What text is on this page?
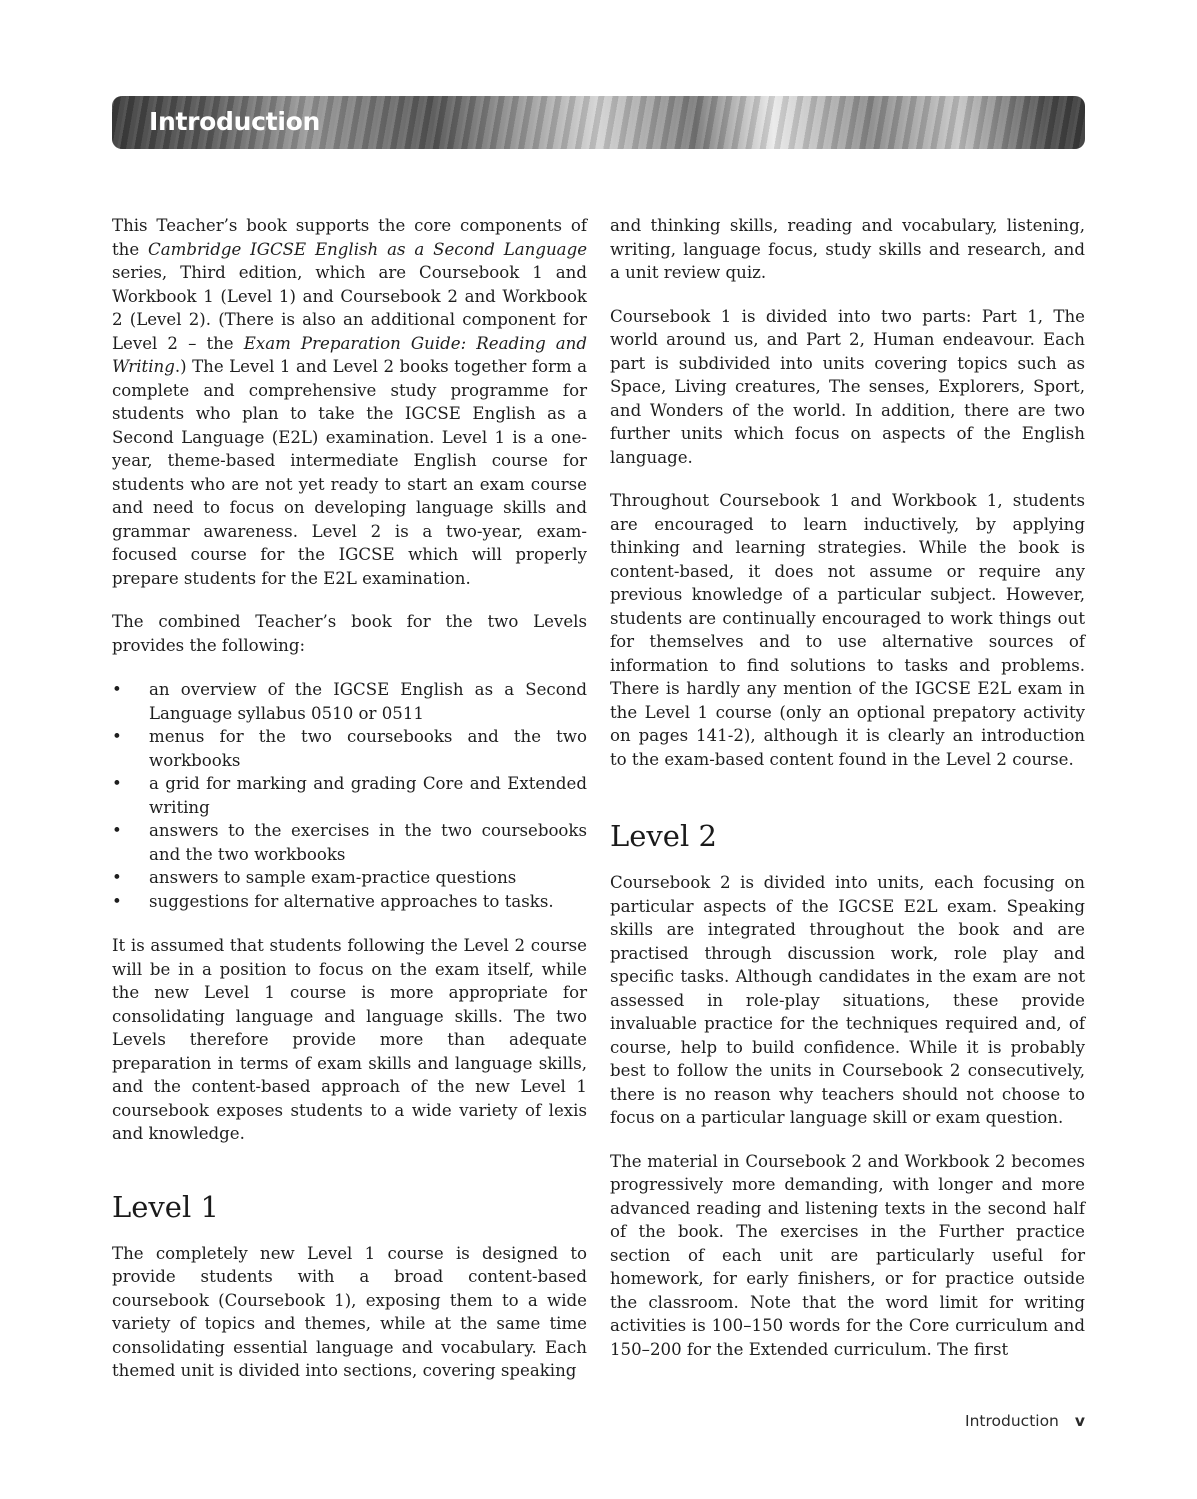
Introduction

This Teacher’s book supports the core components of the Cambridge IGCSE English as a Second Language series, Third edition, which are Coursebook 1 and Workbook 1 (Level 1) and Coursebook 2 and Workbook 2 (Level 2). (There is also an additional component for Level 2 – the Exam Preparation Guide: Reading and Writing.) The Level 1 and Level 2 books together form a complete and comprehensive study programme for students who plan to take the IGCSE English as a Second Language (E2L) examination. Level 1 is a one-year, theme-based intermediate English course for students who are not yet ready to start an exam course and need to focus on developing language skills and grammar awareness. Level 2 is a two-year, exam-focused course for the IGCSE which will properly prepare students for the E2L examination.

The combined Teacher’s book for the two Levels provides the following:

• an overview of the IGCSE English as a Second Language syllabus 0510 or 0511
• menus for the two coursebooks and the two workbooks
• a grid for marking and grading Core and Extended writing
• answers to the exercises in the two coursebooks and the two workbooks
• answers to sample exam-practice questions
• suggestions for alternative approaches to tasks.

It is assumed that students following the Level 2 course will be in a position to focus on the exam itself, while the new Level 1 course is more appropriate for consolidating language and language skills. The two Levels therefore provide more than adequate preparation in terms of exam skills and language skills, and the content-based approach of the new Level 1 coursebook exposes students to a wide variety of lexis and knowledge.

Level 1

The completely new Level 1 course is designed to provide students with a broad content-based coursebook (Coursebook 1), exposing them to a wide variety of topics and themes, while at the same time consolidating essential language and vocabulary. Each themed unit is divided into sections, covering speaking

and thinking skills, reading and vocabulary, listening, writing, language focus, study skills and research, and a unit review quiz.

Coursebook 1 is divided into two parts: Part 1, The world around us, and Part 2, Human endeavour. Each part is subdivided into units covering topics such as Space, Living creatures, The senses, Explorers, Sport, and Wonders of the world. In addition, there are two further units which focus on aspects of the English language.

Throughout Coursebook 1 and Workbook 1, students are encouraged to learn inductively, by applying thinking and learning strategies. While the book is content-based, it does not assume or require any previous knowledge of a particular subject. However, students are continually encouraged to work things out for themselves and to use alternative sources of information to find solutions to tasks and problems. There is hardly any mention of the IGCSE E2L exam in the Level 1 course (only an optional prepatory activity on pages 141-2), although it is clearly an introduction to the exam-based content found in the Level 2 course.

Level 2

Coursebook 2 is divided into units, each focusing on particular aspects of the IGCSE E2L exam. Speaking skills are integrated throughout the book and are practised through discussion work, role play and specific tasks. Although candidates in the exam are not assessed in role-play situations, these provide invaluable practice for the techniques required and, of course, help to build confidence. While it is probably best to follow the units in Coursebook 2 consecutively, there is no reason why teachers should not choose to focus on a particular language skill or exam question.

The material in Coursebook 2 and Workbook 2 becomes progressively more demanding, with longer and more advanced reading and listening texts in the second half of the book. The exercises in the Further practice section of each unit are particularly useful for homework, for early finishers, or for practice outside the classroom. Note that the word limit for writing activities is 100–150 words for the Core curriculum and 150–200 for the Extended curriculum. The first

Introduction v
